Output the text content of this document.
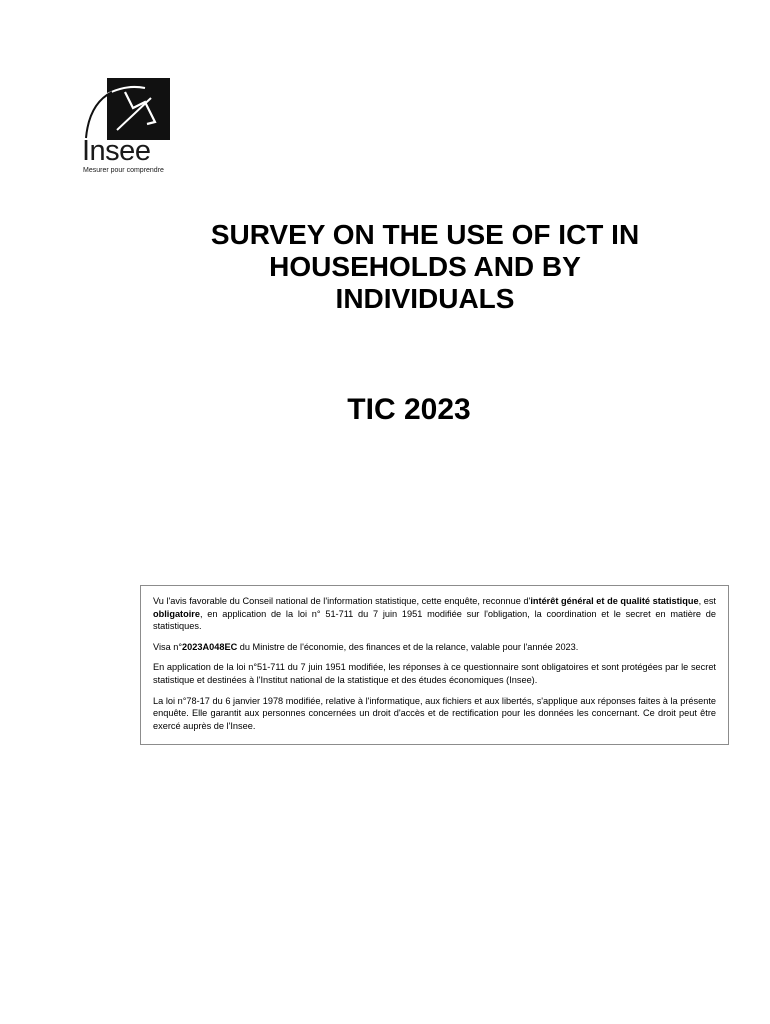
Insee
Mesurer pour comprendre
SURVEY ON THE USE OF ICT IN
HOUSEHOLDS AND BY
INDIVIDUALS
TIC 2023

Vu l'avis favorable du Conseil national de l'information statistique, cette enquête, reconnue d'intérêt général et de qualité statistique, est obligatoire, en application de la loi n° 51-711 du 7 juin 1951 modifiée sur l'obligation, la coordination et le secret en matière de statistiques.

Visa n°2023A048EC du Ministre de l'économie, des finances et de la relance, valable pour l'année 2023.

En application de la loi n°51-711 du 7 juin 1951 modifiée, les réponses à ce questionnaire sont obligatoires et sont protégées par le secret statistique et destinées à l'Institut national de la statistique et des études économiques (Insee).

La loi n°78-17 du 6 janvier 1978 modifiée, relative à l'informatique, aux fichiers et aux libertés, s'applique aux réponses faites à la présente enquête. Elle garantit aux personnes concernées un droit d'accès et de rectification pour les données les concernant. Ce droit peut être exercé auprès de l'Insee.
